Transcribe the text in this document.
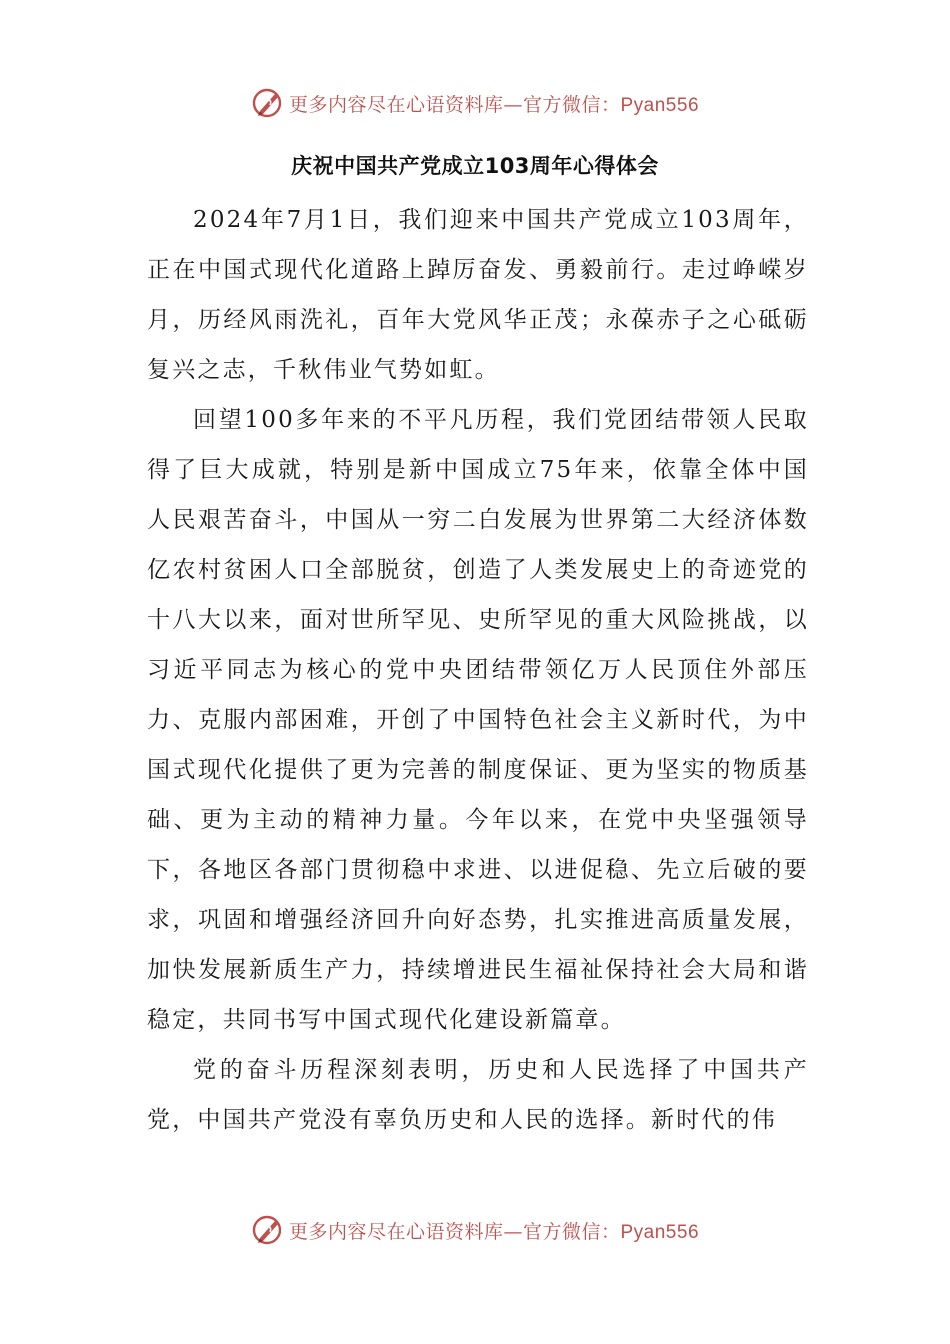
更多内容尽在心语资料库—官方微信：Pyan556
庆祝中国共产党成立103周年心得体会

2024年7月1日，我们迎来中国共产党成立103周年，正在中国式现代化道路上踔厉奋发、勇毅前行。走过峥嵘岁月，历经风雨洗礼，百年大党风华正茂；永葆赤子之心砥砺复兴之志，千秋伟业气势如虹。

回望100多年来的不平凡历程，我们党团结带领人民取得了巨大成就，特别是新中国成立75年来，依靠全体中国人民艰苦奋斗，中国从一穷二白发展为世界第二大经济体数亿农村贫困人口全部脱贫，创造了人类发展史上的奇迹党的十八大以来，面对世所罕见、史所罕见的重大风险挑战，以习近平同志为核心的党中央团结带领亿万人民顶住外部压力、克服内部困难，开创了中国特色社会主义新时代，为中国式现代化提供了更为完善的制度保证、更为坚实的物质基础、更为主动的精神力量。今年以来，在党中央坚强领导下，各地区各部门贯彻稳中求进、以进促稳、先立后破的要求，巩固和增强经济回升向好态势，扎实推进高质量发展，加快发展新质生产力，持续增进民生福祉保持社会大局和谐稳定，共同书写中国式现代化建设新篇章。

党的奋斗历程深刻表明，历史和人民选择了中国共产党，中国共产党没有辜负历史和人民的选择。新时代的伟

更多内容尽在心语资料库—官方微信：Pyan556
